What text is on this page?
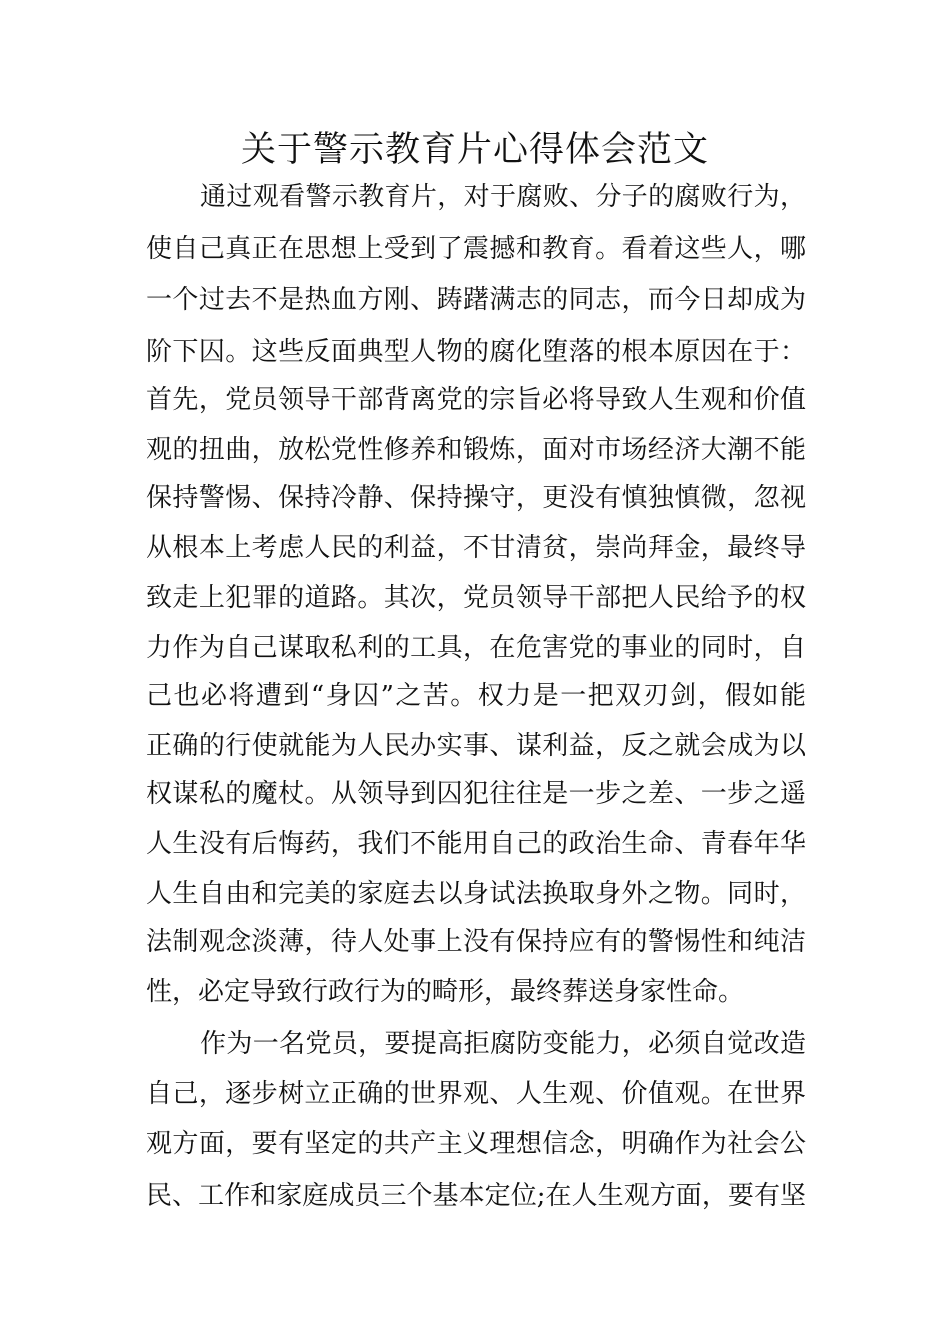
关于警示教育片心得体会范文
通过观看警示教育片，对于腐败、分子的腐败行为，
使自己真正在思想上受到了震撼和教育。看着这些人，哪
一个过去不是热血方刚、踌躇满志的同志，而今日却成为
阶下囚。这些反面典型人物的腐化堕落的根本原因在于：
首先，党员领导干部背离党的宗旨必将导致人生观和价值
观的扭曲，放松党性修养和锻炼，面对市场经济大潮不能
保持警惕、保持冷静、保持操守，更没有慎独慎微，忽视
从根本上考虑人民的利益，不甘清贫，崇尚拜金，最终导
致走上犯罪的道路。其次，党员领导干部把人民给予的权
力作为自己谋取私利的工具，在危害党的事业的同时，自
己也必将遭到“身囚”之苦。权力是一把双刃剑，假如能
正确的行使就能为人民办实事、谋利益，反之就会成为以
权谋私的魔杖。从领导到囚犯往往是一步之差、一步之遥
人生没有后悔药，我们不能用自己的政治生命、青春年华
人生自由和完美的家庭去以身试法换取身外之物。同时，
法制观念淡薄，待人处事上没有保持应有的警惕性和纯洁
性，必定导致行政行为的畸形，最终葬送身家性命。
作为一名党员，要提高拒腐防变能力，必须自觉改造
自己，逐步树立正确的世界观、人生观、价值观。在世界
观方面，要有坚定的共产主义理想信念，明确作为社会公
民、工作和家庭成员三个基本定位;在人生观方面，要有坚
